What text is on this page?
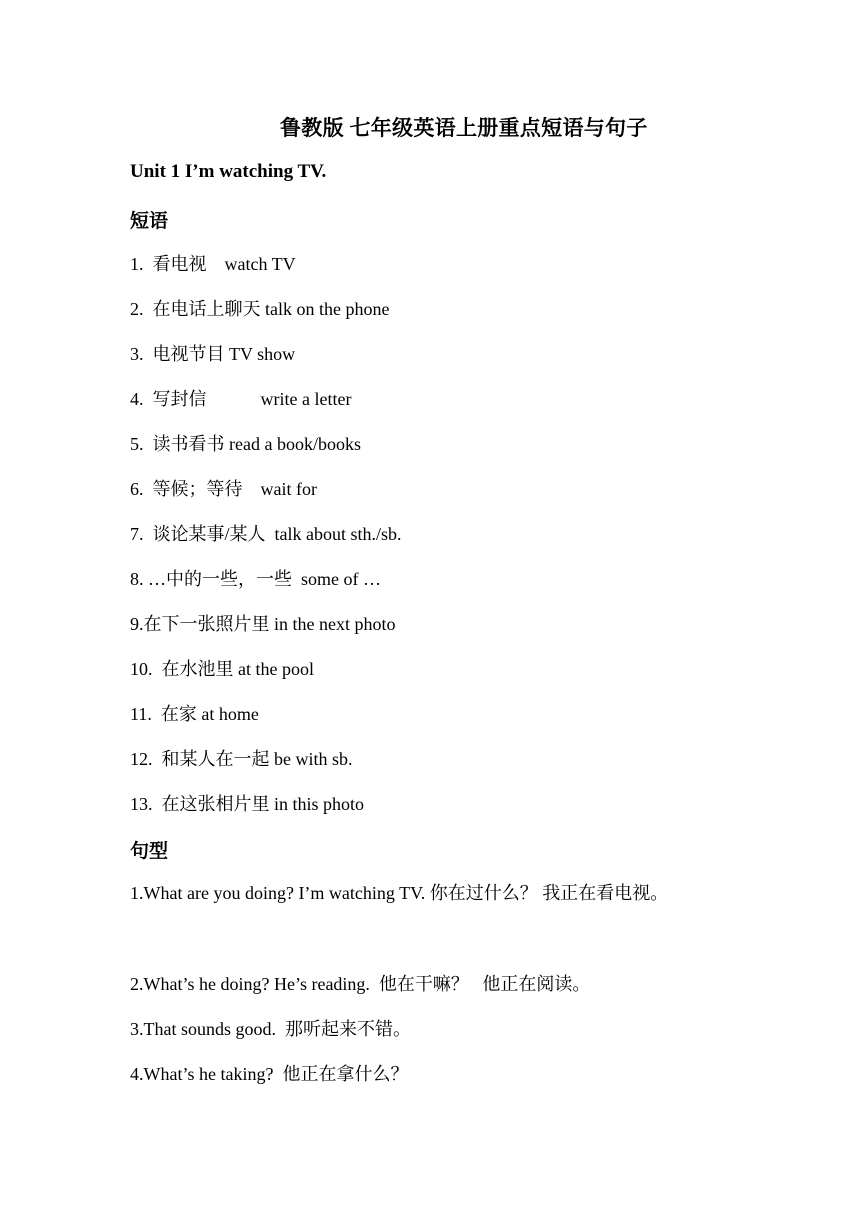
鲁教版 七年级英语上册重点短语与句子
Unit 1 I’m watching TV.
短语
1.  看电视    watch TV
2.  在电话上聊天 talk on the phone
3.  电视节目 TV show
4.  写封信            write a letter
5.  读书看书 read a book/books
6.  等候；等待    wait for
7.  谈论某事/某人  talk about sth./sb.
8. …中的一些，一些  some of …
9.在下一张照片里 in the next photo
10.  在水池里 at the pool
11.  在家 at home
12.  和某人在一起 be with sb.
13.  在这张相片里 in this photo
句型
1.What are you doing? I’m watching TV. 你在过什么？ 我正在看电视。
2.What’s he doing? He’s reading.  他在干嘛？   他正在阅读。
3.That sounds good.  那听起来不错。
4.What’s he taking?  他正在拿什么？
